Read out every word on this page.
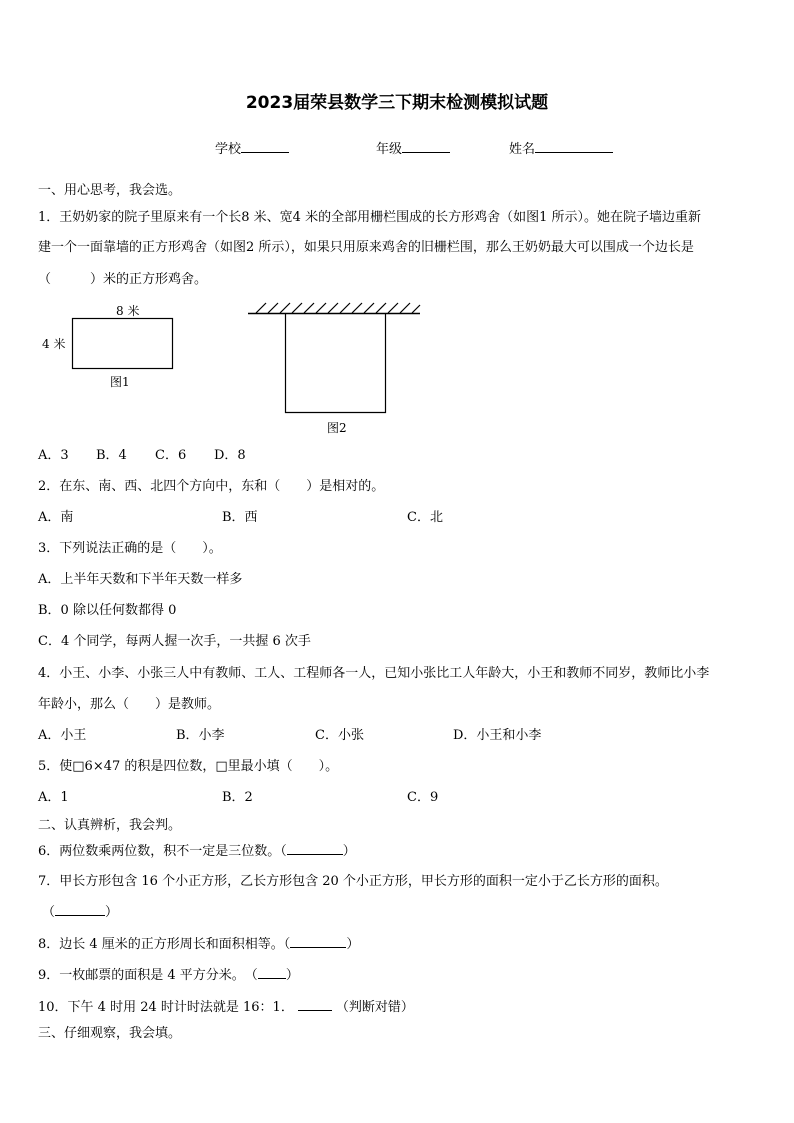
2023届荣县数学三下期末检测模拟试题
学校	年级	姓名
一、用心思考，我会选。
1．王奶奶家的院子里原来有一个长8 米、宽4 米的全部用栅栏围成的长方形鸡舍（如图1 所示）。她在院子墙边重新
建一个一面靠墙的正方形鸡舍（如图2 所示），如果只用原来鸡舍的旧栅栏围，那么王奶奶最大可以围成一个边长是
（　　　）米的正方形鸡舍。
8 米
4 米
图1
图2
A．3 B．4 C．6 D．8
2．在东、南、西、北四个方向中，东和（　　）是相对的。
A．南	B．西	C．北
3．下列说法正确的是（　　）。
A．上半年天数和下半年天数一样多
B．0 除以任何数都得 0
C．4 个同学，每两人握一次手，一共握 6 次手
4．小王、小李、小张三人中有教师、工人、工程师各一人，已知小张比工人年龄大，小王和教师不同岁，教师比小李
年龄小，那么（　　）是教师。
A．小王	B．小李	C．小张	D．小王和小李
5．使□6×47 的积是四位数，□里最小填（　　）。
A．1	B．2	C．9
二、认真辨析，我会判。
6．两位数乘两位数，积不一定是三位数。（	）
7．甲长方形包含 16 个小正方形，乙长方形包含 20 个小正方形，甲长方形的面积一定小于乙长方形的面积。
（	）
8．边长 4 厘米的正方形周长和面积相等。（	）
9．一枚邮票的面积是 4 平方分米。　（ ）
10．下午 4 时用 24 时计时法就是 16：1．	（判断对错）
三、仔细观察，我会填。
